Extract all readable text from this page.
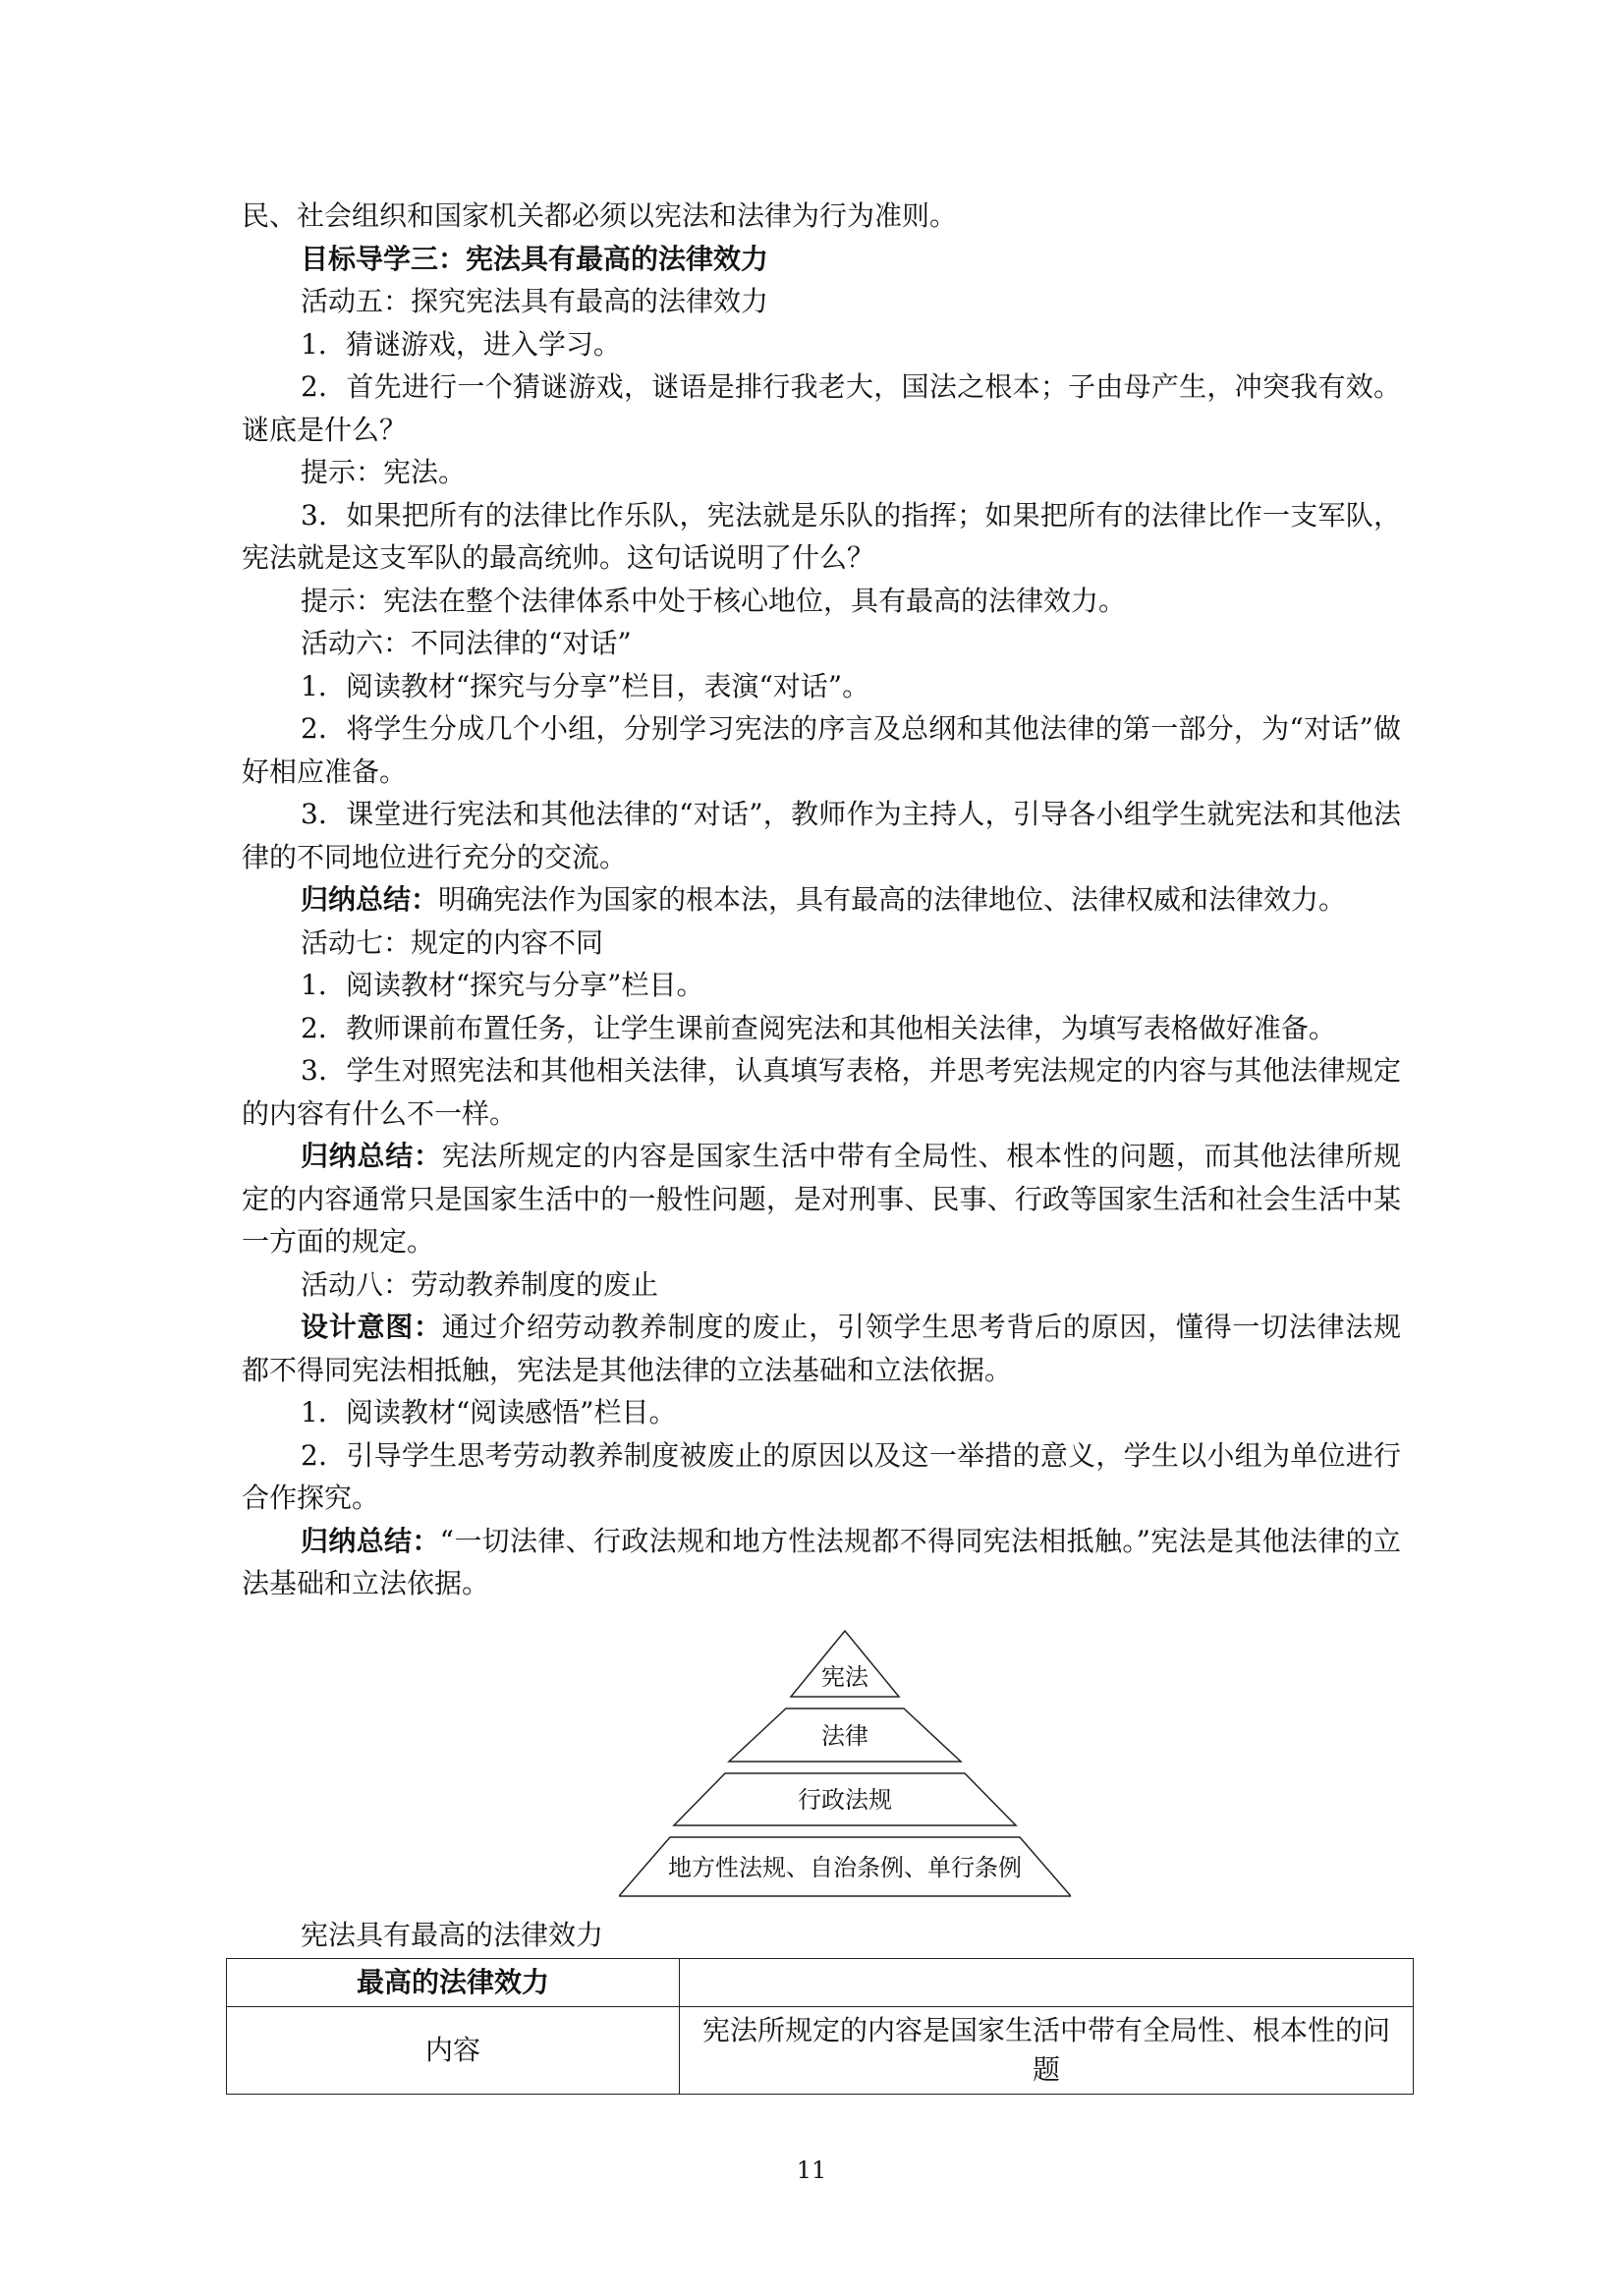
民、社会组织和国家机关都必须以宪法和法律为行为准则。

目标导学三：宪法具有最高的法律效力

活动五：探究宪法具有最高的法律效力

1．猜谜游戏，进入学习。

2．首先进行一个猜谜游戏，谜语是排行我老大，国法之根本；子由母产生，冲突我有效。谜底是什么？

提示：宪法。

3．如果把所有的法律比作乐队，宪法就是乐队的指挥；如果把所有的法律比作一支军队，宪法就是这支军队的最高统帅。这句话说明了什么？

提示：宪法在整个法律体系中处于核心地位，具有最高的法律效力。

活动六：不同法律的“对话”

1．阅读教材“探究与分享”栏目，表演“对话”。

2．将学生分成几个小组，分别学习宪法的序言及总纲和其他法律的第一部分，为“对话”做好相应准备。

3．课堂进行宪法和其他法律的“对话”，教师作为主持人，引导各小组学生就宪法和其他法律的不同地位进行充分的交流。

归纳总结：明确宪法作为国家的根本法，具有最高的法律地位、法律权威和法律效力。

活动七：规定的内容不同

1．阅读教材“探究与分享”栏目。

2．教师课前布置任务，让学生课前查阅宪法和其他相关法律，为填写表格做好准备。

3．学生对照宪法和其他相关法律，认真填写表格，并思考宪法规定的内容与其他法律规定的内容有什么不一样。

归纳总结：宪法所规定的内容是国家生活中带有全局性、根本性的问题，而其他法律所规定的内容通常只是国家生活中的一般性问题，是对刑事、民事、行政等国家生活和社会生活中某一方面的规定。

活动八：劳动教养制度的废止

设计意图：通过介绍劳动教养制度的废止，引领学生思考背后的原因，懂得一切法律法规都不得同宪法相抵触，宪法是其他法律的立法基础和立法依据。

1．阅读教材“阅读感悟”栏目。

2．引导学生思考劳动教养制度被废止的原因以及这一举措的意义，学生以小组为单位进行合作探究。

归纳总结：“一切法律、行政法规和地方性法规都不得同宪法相抵触。”宪法是其他法律的立法基础和立法依据。

宪法
法律
行政法规
地方性法规、自治条例、单行条例
宪法具有最高的法律效力
最高的法律效力	
内容	宪法所规定的内容是国家生活中带有全局性、根本性的问题
11
